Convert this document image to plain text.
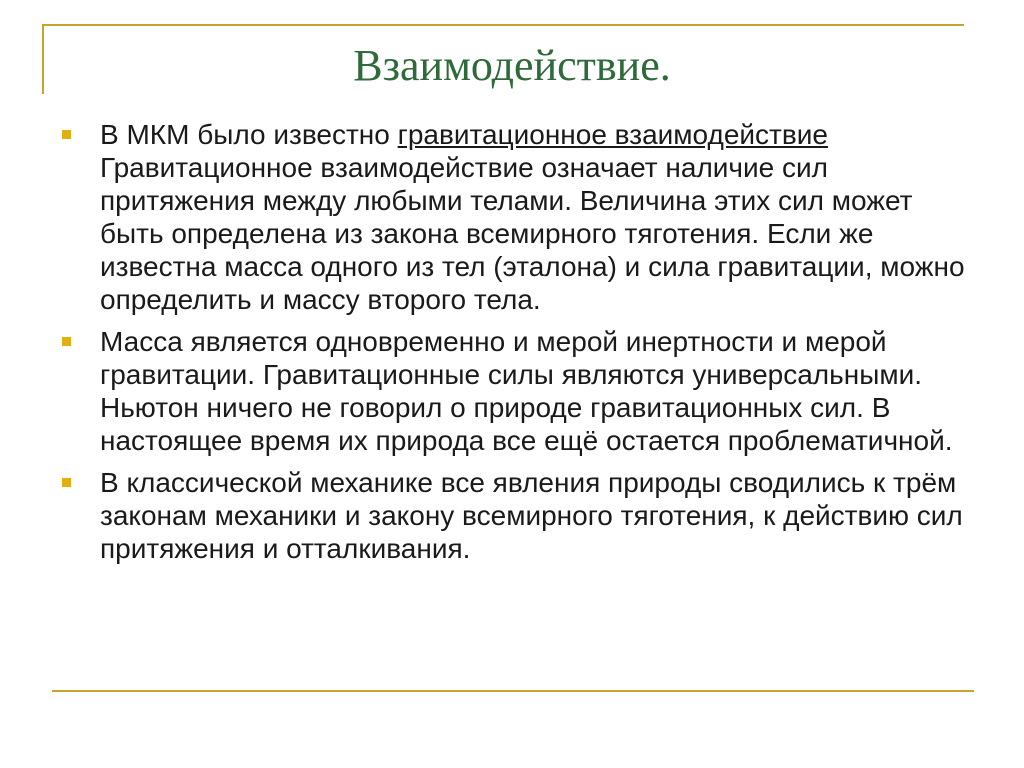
Взаимодействие.
В МКМ было известно гравитационное взаимодействие
Гравитационное взаимодействие означает наличие сил притяжения между любыми телами. Величина этих сил может быть определена из закона всемирного тяготения. Если же известна масса одного из тел (эталона) и сила гравитации, можно определить и массу второго тела.
Масса является одновременно и мерой инертности и мерой гравитации. Гравитационные силы являются универсальными. Ньютон ничего не говорил о природе гравитационных сил. В настоящее время их природа все ещё остается проблематичной.
В классической механике все явления природы сводились к трём законам механики и закону всемирного тяготения, к действию сил притяжения и отталкивания.
